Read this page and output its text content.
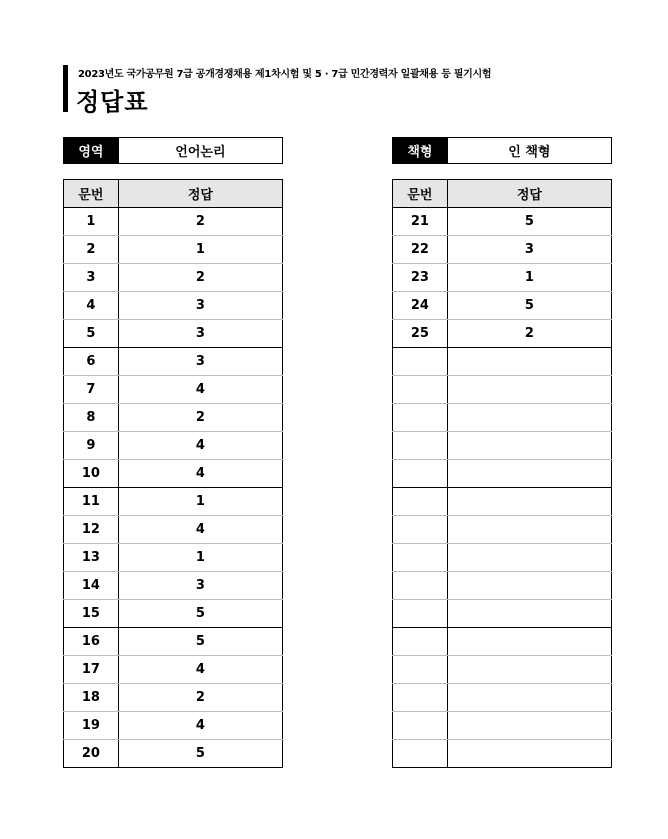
2023년도 국가공무원 7급 공개경쟁채용 제1차시험 및 5 · 7급 민간경력자 일괄채용 등 필기시험
정답표
영역	언어논리	책형	인 책형
문번	정답
1	2
2	1
3	2
4	3
5	3
6	3
7	4
8	2
9	4
10	4
11	1
12	4
13	1
14	3
15	5
16	5
17	4
18	2
19	4
20	5
문번	정답
21	5
22	3
23	1
24	5
25	2
